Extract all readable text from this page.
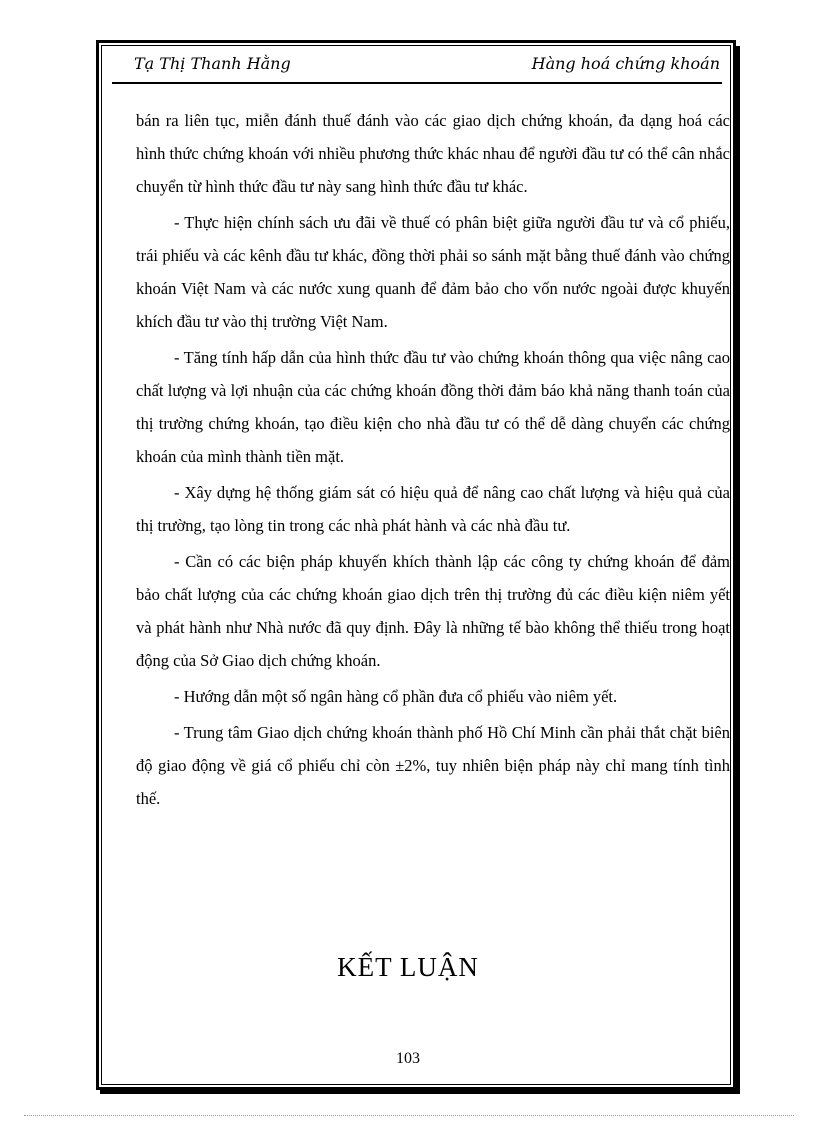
Tạ Thị Thanh Hằng	Hàng hoá chứng khoán

bán ra liên tục, miễn đánh thuế đánh vào các giao dịch chứng khoán, đa dạng hoá các hình thức chứng khoán với nhiều phương thức khác nhau để người đầu tư có thể cân nhắc chuyển từ hình thức đầu tư này sang hình thức đầu tư khác.

- Thực hiện chính sách ưu đãi về thuế có phân biệt giữa người đầu tư và cổ phiếu, trái phiếu và các kênh đầu tư khác, đồng thời phải so sánh mặt bằng thuế đánh vào chứng khoán Việt Nam và các nước xung quanh để đảm bảo cho vốn nước ngoài được khuyến khích đầu tư vào thị trường Việt Nam.

- Tăng tính hấp dẫn của hình thức đầu tư vào chứng khoán thông qua việc nâng cao chất lượng và lợi nhuận của các chứng khoán đồng thời đảm báo khả năng thanh toán của thị trường chứng khoán, tạo điều kiện cho nhà đầu tư có thể dễ dàng chuyển các chứng khoán của mình thành tiền mặt.

- Xây dựng hệ thống giám sát có hiệu quả để nâng cao chất lượng và hiệu quả của thị trường, tạo lòng tin trong các nhà phát hành và các nhà đầu tư.

- Cần có các biện pháp khuyến khích thành lập các công ty chứng khoán để đảm bảo chất lượng của các chứng khoán giao dịch trên thị trường đủ các điều kiện niêm yết và phát hành như Nhà nước đã quy định. Đây là những tế bào không thể thiếu trong hoạt động của Sở Giao dịch chứng khoán.

- Hướng dẫn một số ngân hàng cổ phần đưa cổ phiếu vào niêm yết.

- Trung tâm Giao dịch chứng khoán thành phố Hồ Chí Minh cần phải thắt chặt biên độ giao động về giá cổ phiếu chỉ còn ±2%, tuy nhiên biện pháp này chỉ mang tính tình thế.

KẾT LUẬN
103
